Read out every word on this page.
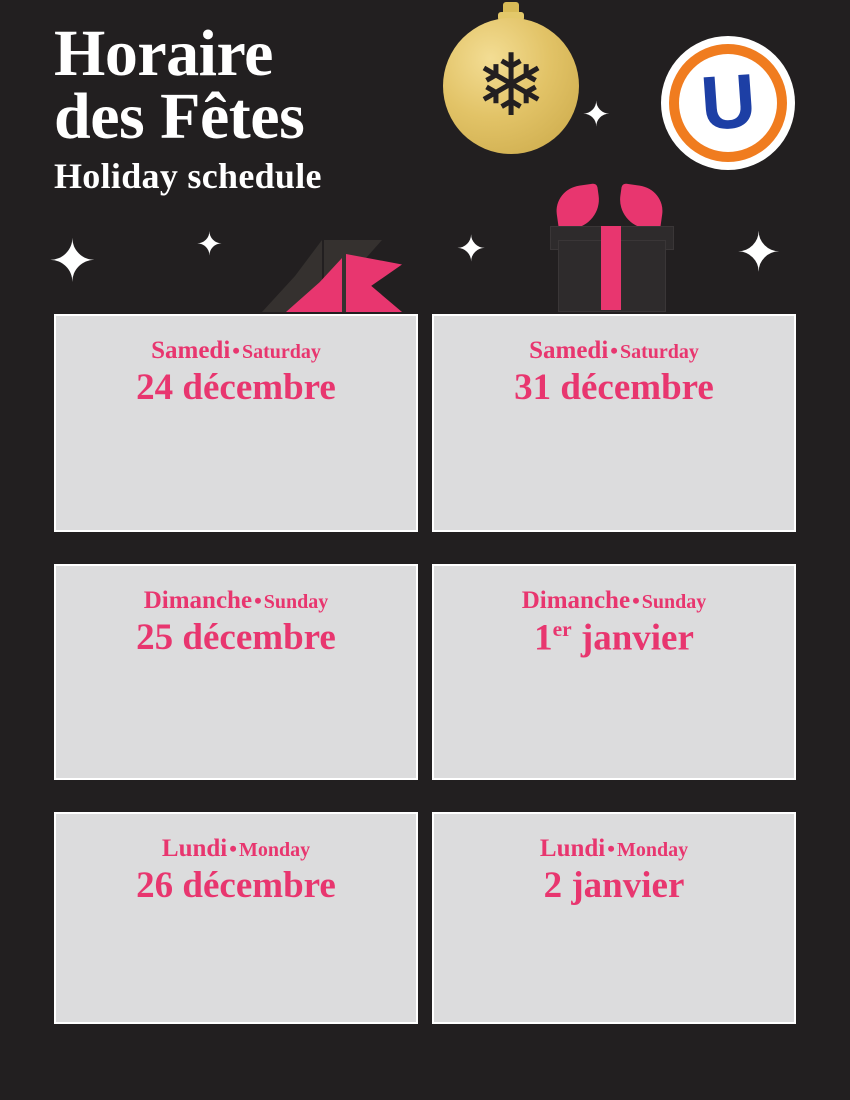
Horaire
des Fêtes
Holiday schedule
❄ U
✦
✦	✦	✦	✦
Samedi• Saturday
24 décembre
Samedi• Saturday
31 décembre
Dimanche• Sunday
25 décembre
Dimanche• Sunday
1er janvier
Lundi• Monday
26 décembre
Lundi• Monday
2 janvier
